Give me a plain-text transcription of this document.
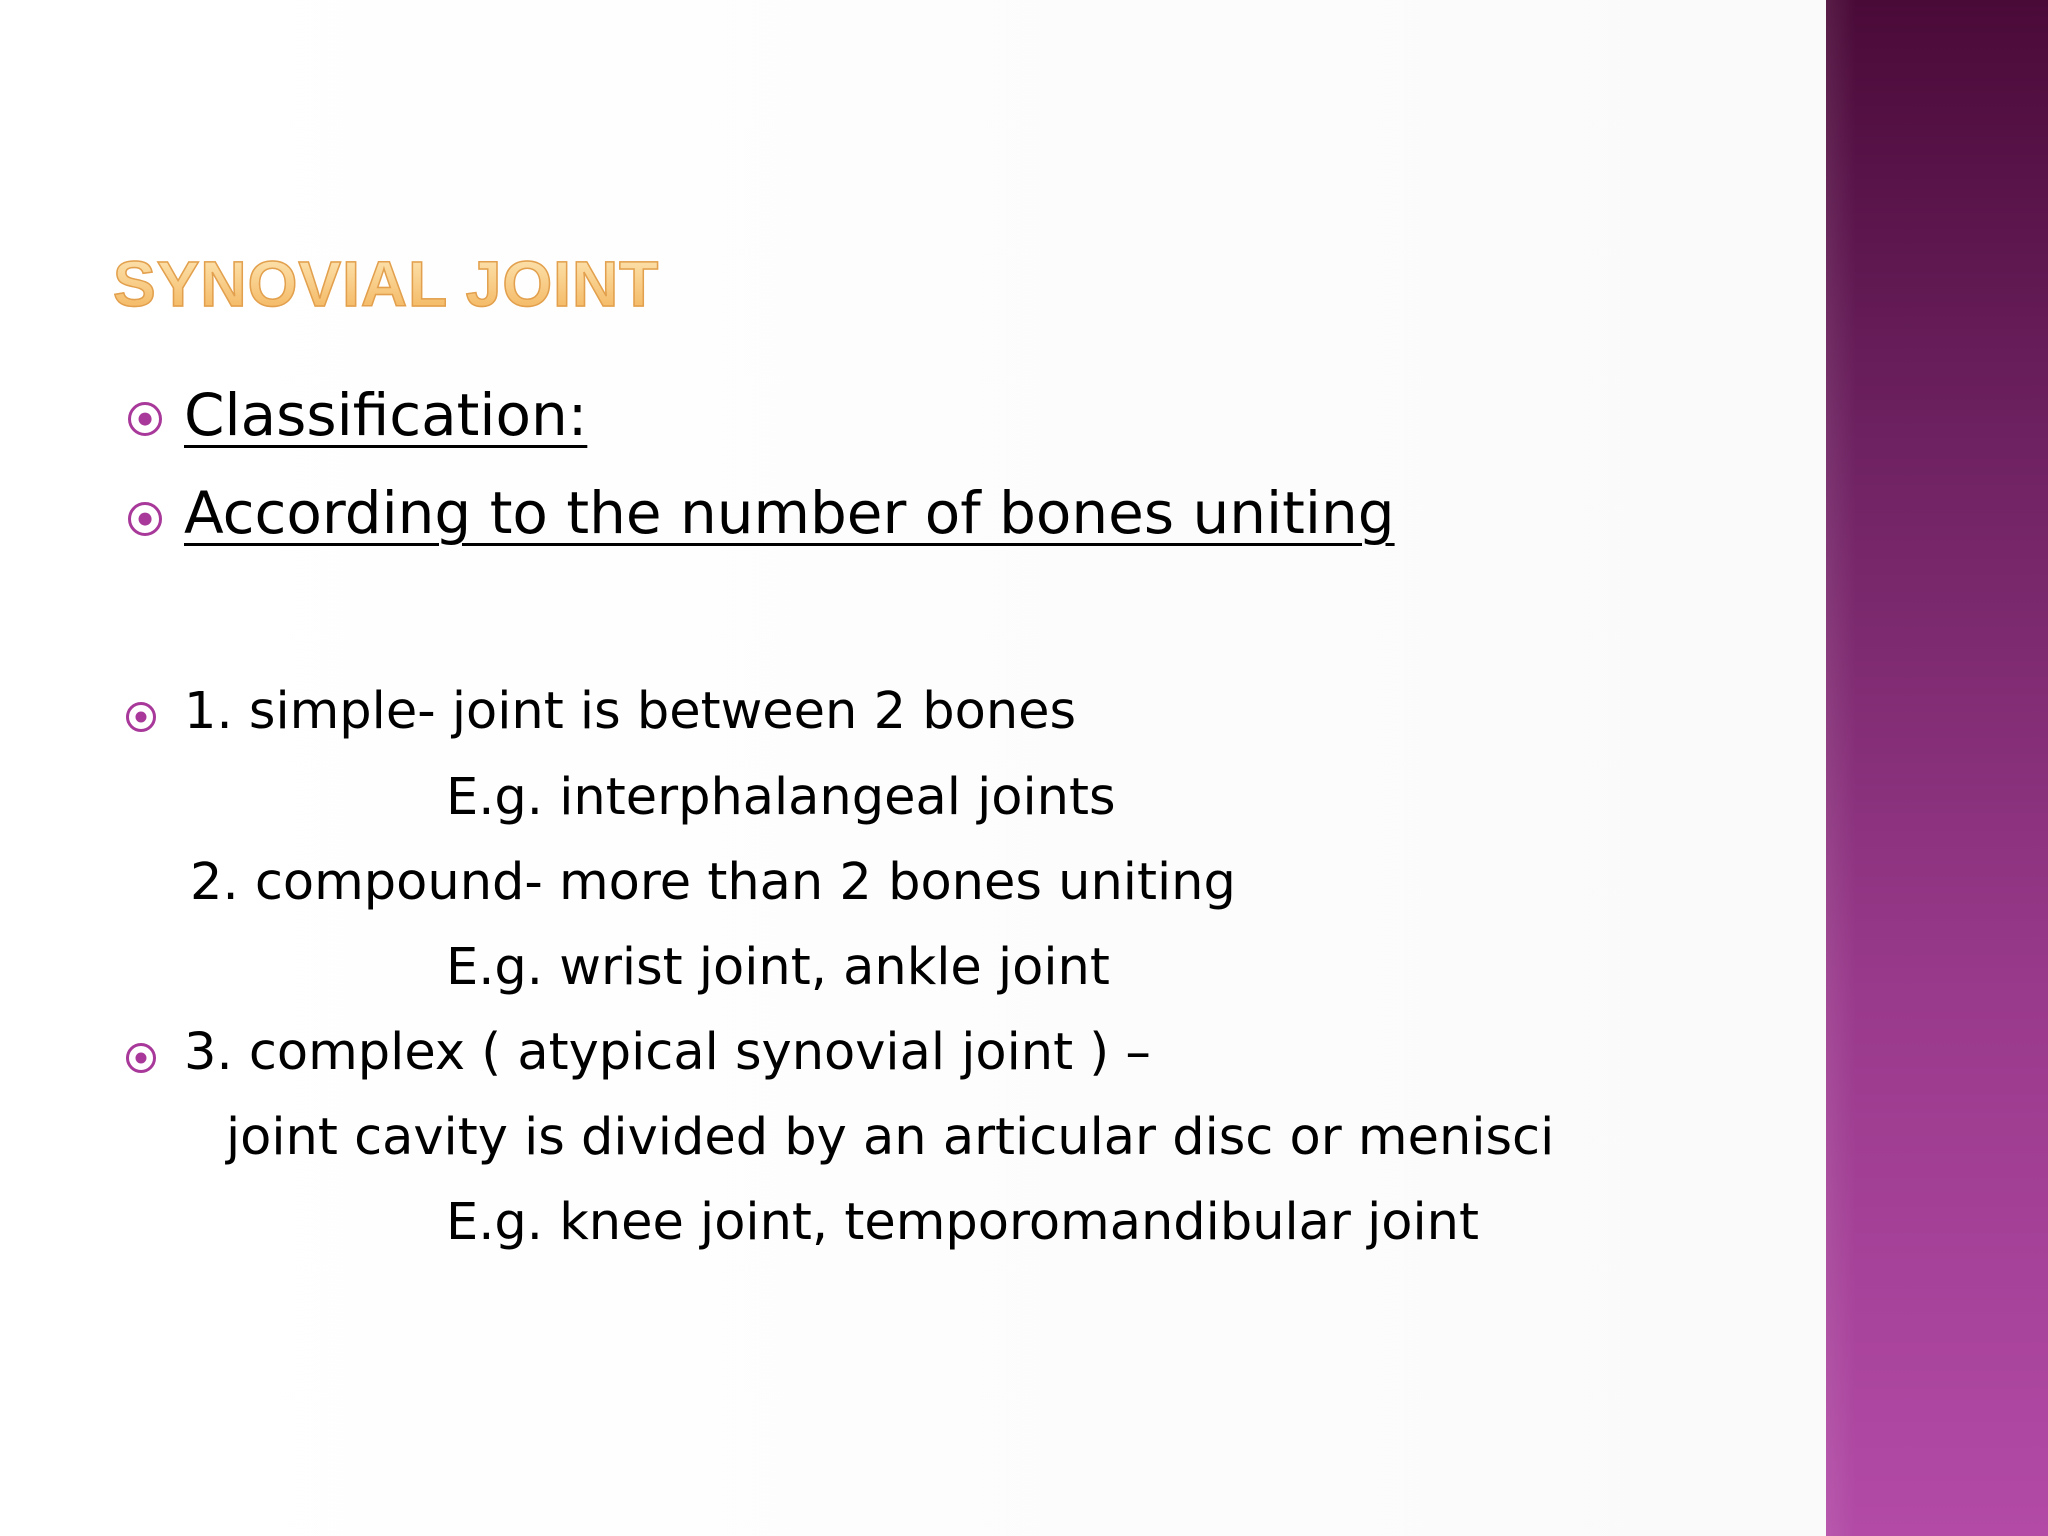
SYNOVIAL JOINT

Classification:

According to the number of bones uniting

1. simple- joint is between 2 bones

E.g. interphalangeal joints

2. compound- more than 2 bones uniting

E.g. wrist joint, ankle joint

3. complex ( atypical synovial joint ) –

joint cavity is divided by an articular disc or menisci

E.g. knee joint, temporomandibular joint
